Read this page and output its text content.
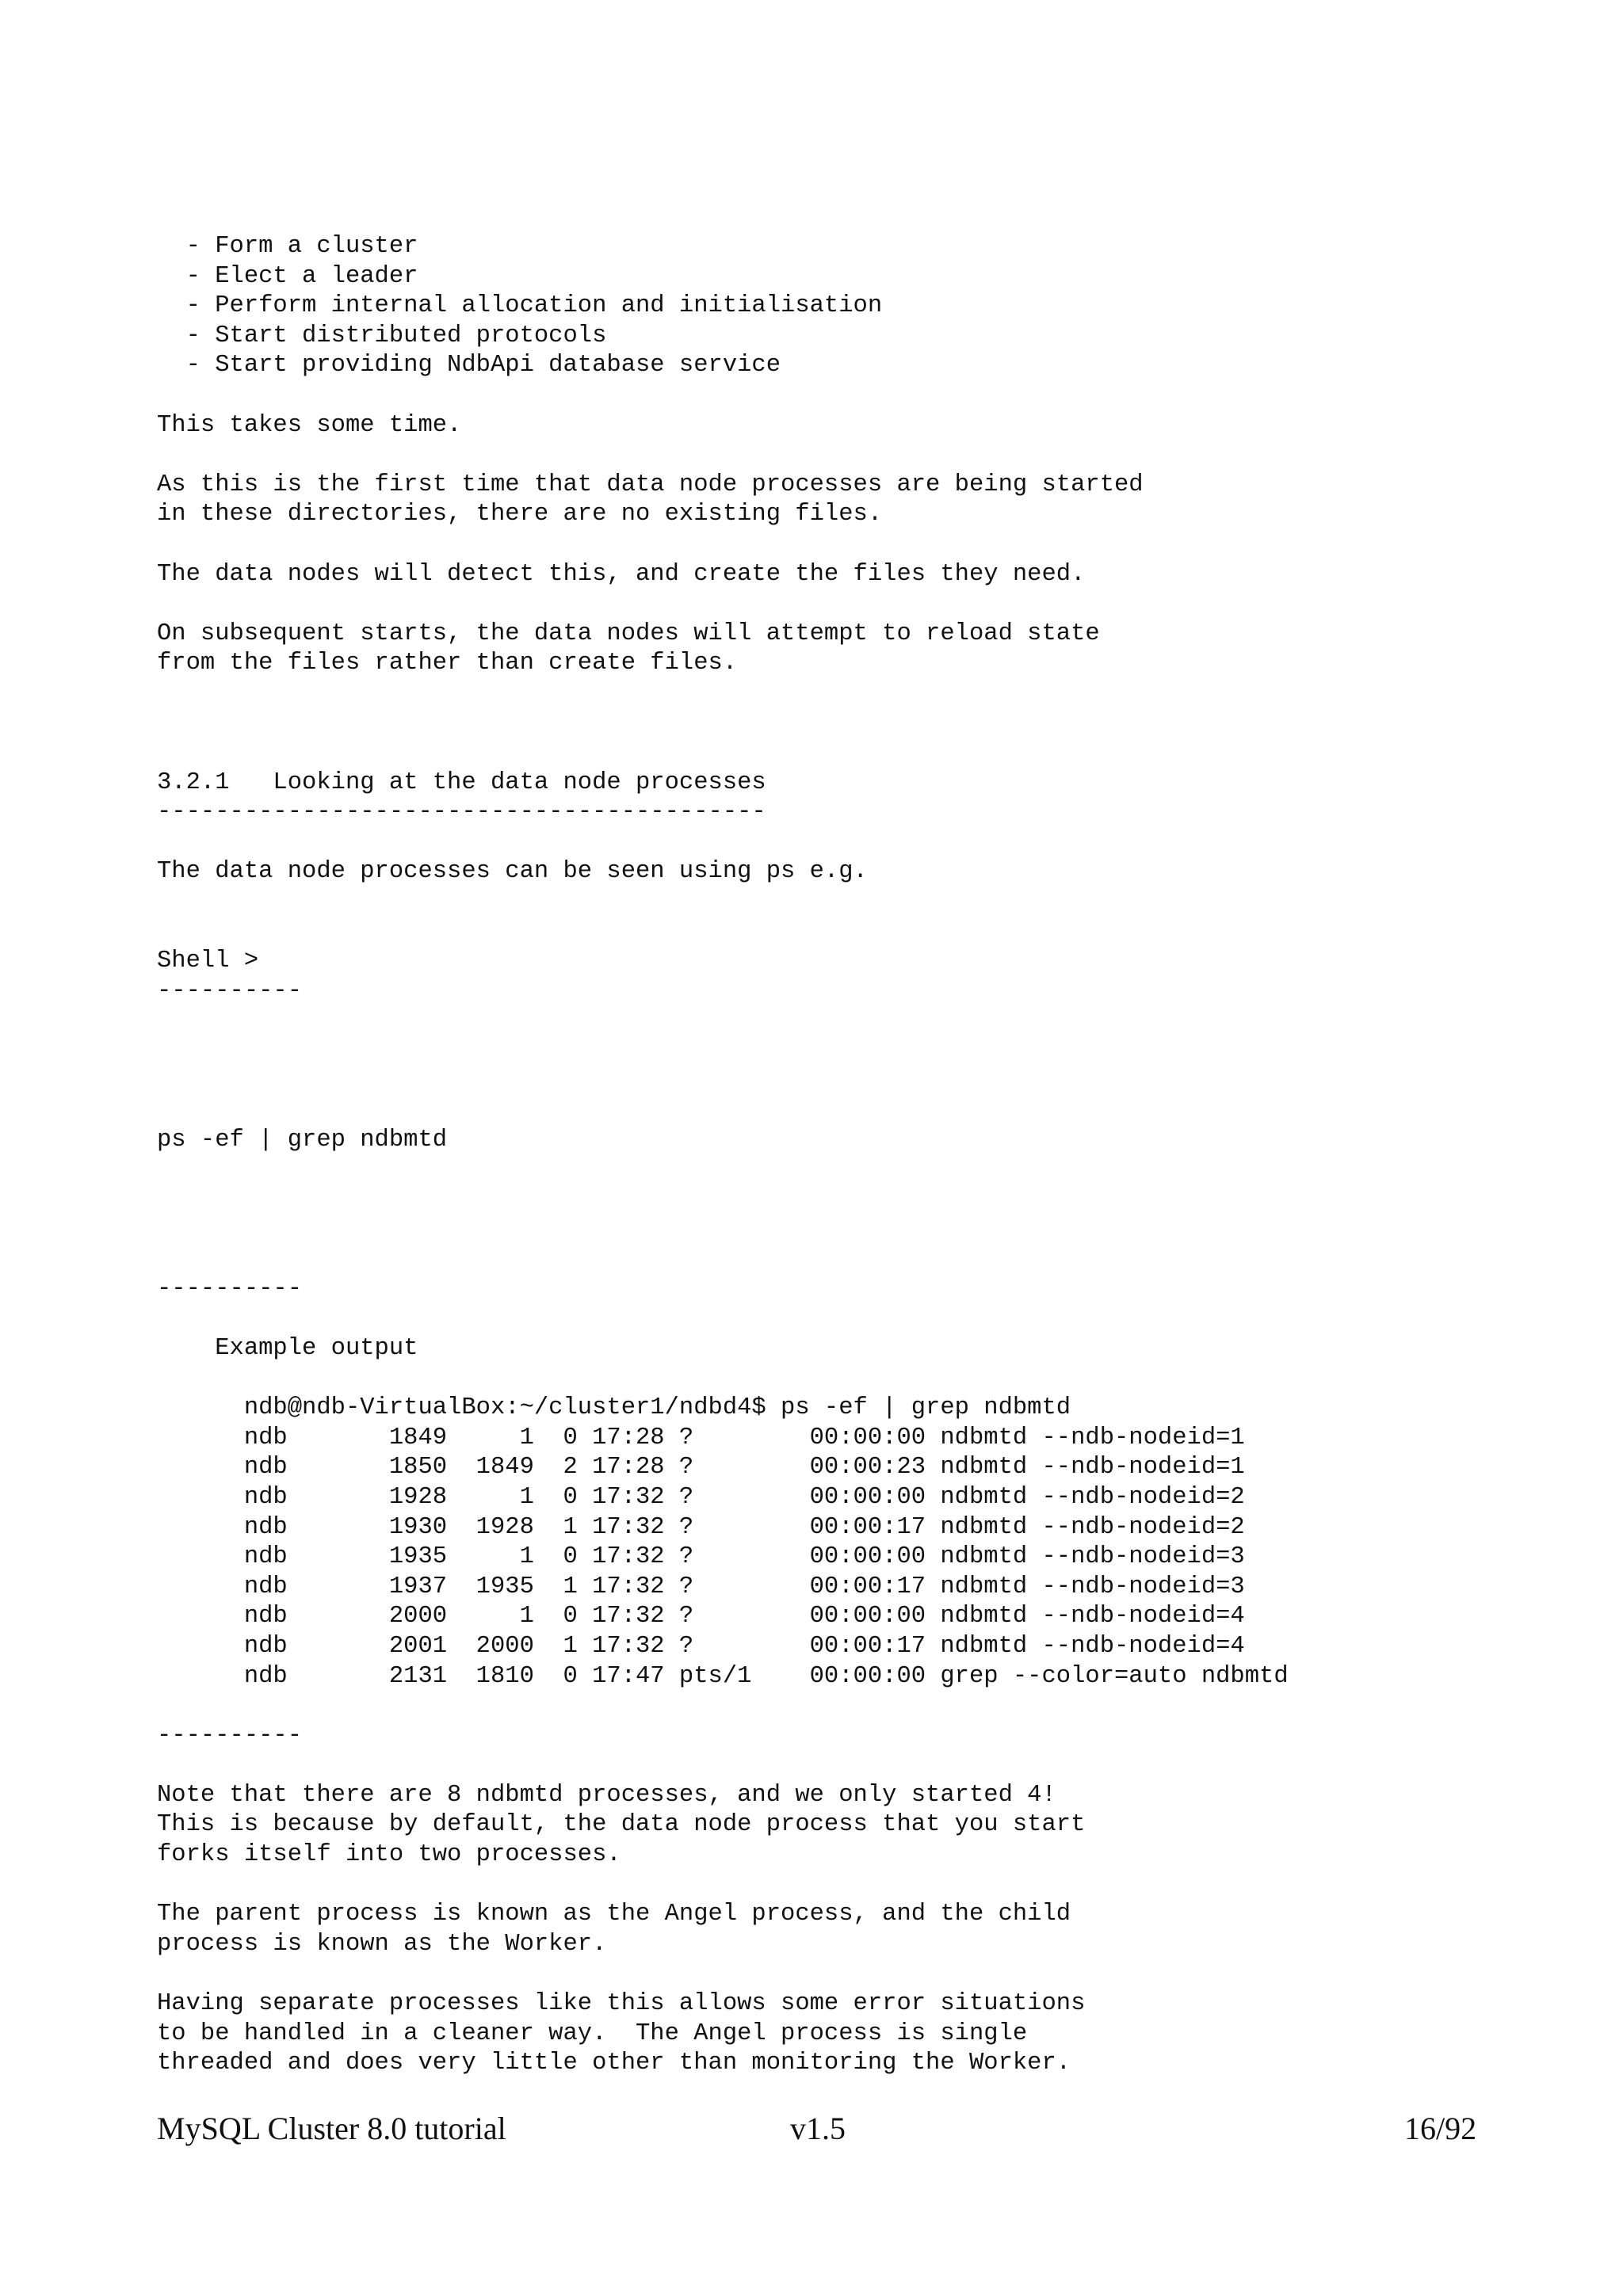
- Form a cluster
- Elect a leader
- Perform internal allocation and initialisation
- Start distributed protocols
- Start providing NdbApi database service
This takes some time.
As this is the first time that data node processes are being started
in these directories, there are no existing files.
The data nodes will detect this, and create the files they need.
On subsequent starts, the data nodes will attempt to reload state
from the files rather than create files.
3.2.1   Looking at the data node processes
------------------------------------------
The data node processes can be seen using ps e.g.
Shell >
----------
ps -ef | grep ndbmtd
----------
Example output
ndb@ndb-VirtualBox:~/cluster1/ndbd4$ ps -ef | grep ndbmtd
ndb       1849     1  0 17:28 ?        00:00:00 ndbmtd --ndb-nodeid=1
ndb       1850  1849  2 17:28 ?        00:00:23 ndbmtd --ndb-nodeid=1
ndb       1928     1  0 17:32 ?        00:00:00 ndbmtd --ndb-nodeid=2
ndb       1930  1928  1 17:32 ?        00:00:17 ndbmtd --ndb-nodeid=2
ndb       1935     1  0 17:32 ?        00:00:00 ndbmtd --ndb-nodeid=3
ndb       1937  1935  1 17:32 ?        00:00:17 ndbmtd --ndb-nodeid=3
ndb       2000     1  0 17:32 ?        00:00:00 ndbmtd --ndb-nodeid=4
ndb       2001  2000  1 17:32 ?        00:00:17 ndbmtd --ndb-nodeid=4
ndb       2131  1810  0 17:47 pts/1    00:00:00 grep --color=auto ndbmtd
----------
Note that there are 8 ndbmtd processes, and we only started 4!
This is because by default, the data node process that you start
forks itself into two processes.
The parent process is known as the Angel process, and the child
process is known as the Worker.
Having separate processes like this allows some error situations
to be handled in a cleaner way.  The Angel process is single
threaded and does very little other than monitoring the Worker.
MySQL Cluster 8.0 tutorial	v1.5	16/92
